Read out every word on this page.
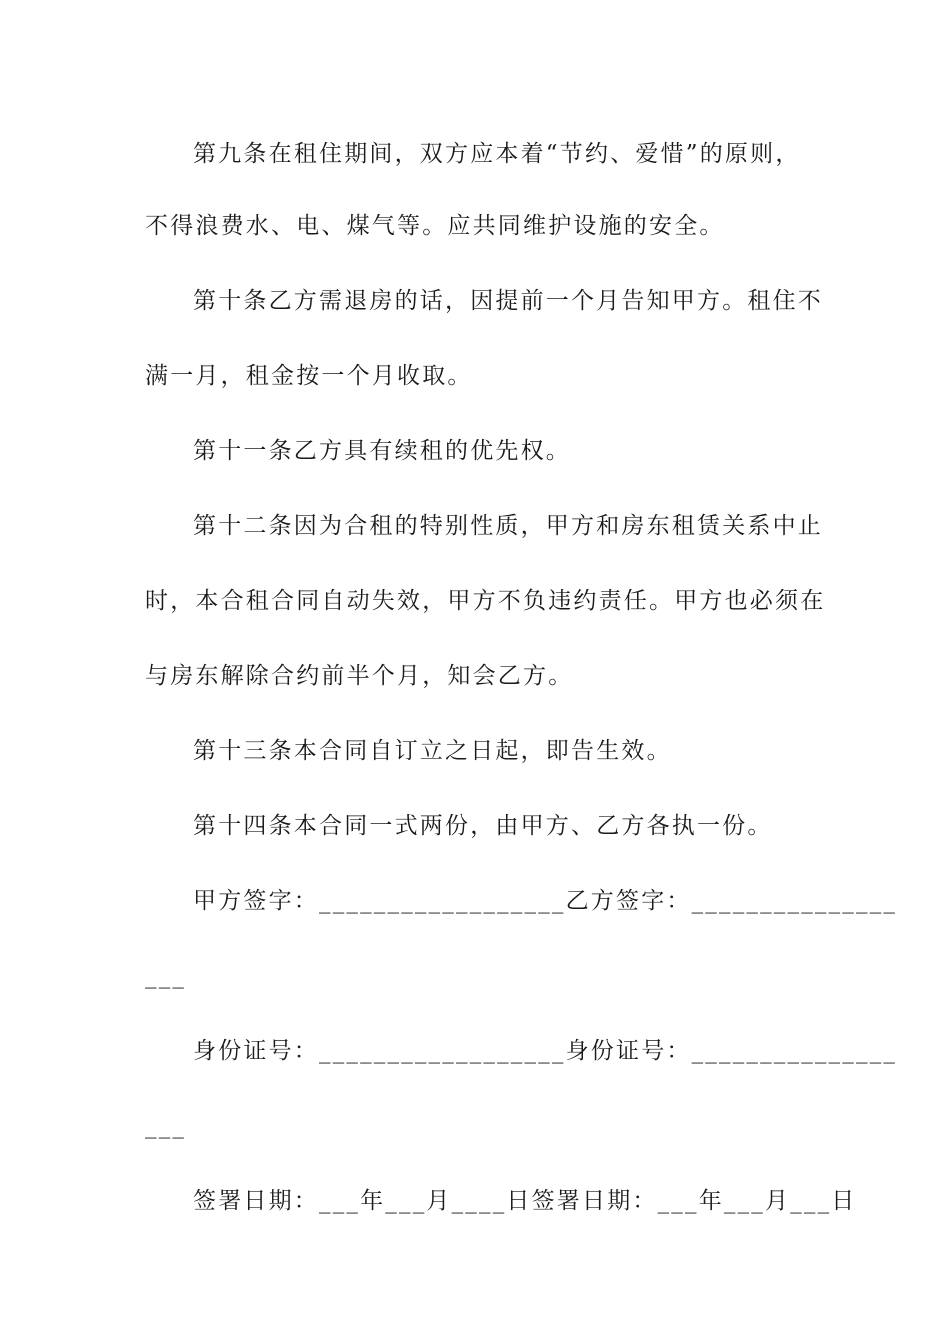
第九条在租住期间，双方应本着“节约、爱惜”的原则，
不得浪费水、电、煤气等。应共同维护设施的安全。
第十条乙方需退房的话，因提前一个月告知甲方。租住不
满一月，租金按一个月收取。
第十一条乙方具有续租的优先权。
第十二条因为合租的特别性质，甲方和房东租赁关系中止
时，本合租合同自动失效，甲方不负违约责任。甲方也必须在
与房东解除合约前半个月，知会乙方。
第十三条本合同自订立之日起，即告生效。
第十四条本合同一式两份，由甲方、乙方各执一份。
甲方签字：__________________乙方签字：_______________
___
身份证号：__________________身份证号：_______________
___
签署日期：___年___月____日签署日期：___年___月___日
